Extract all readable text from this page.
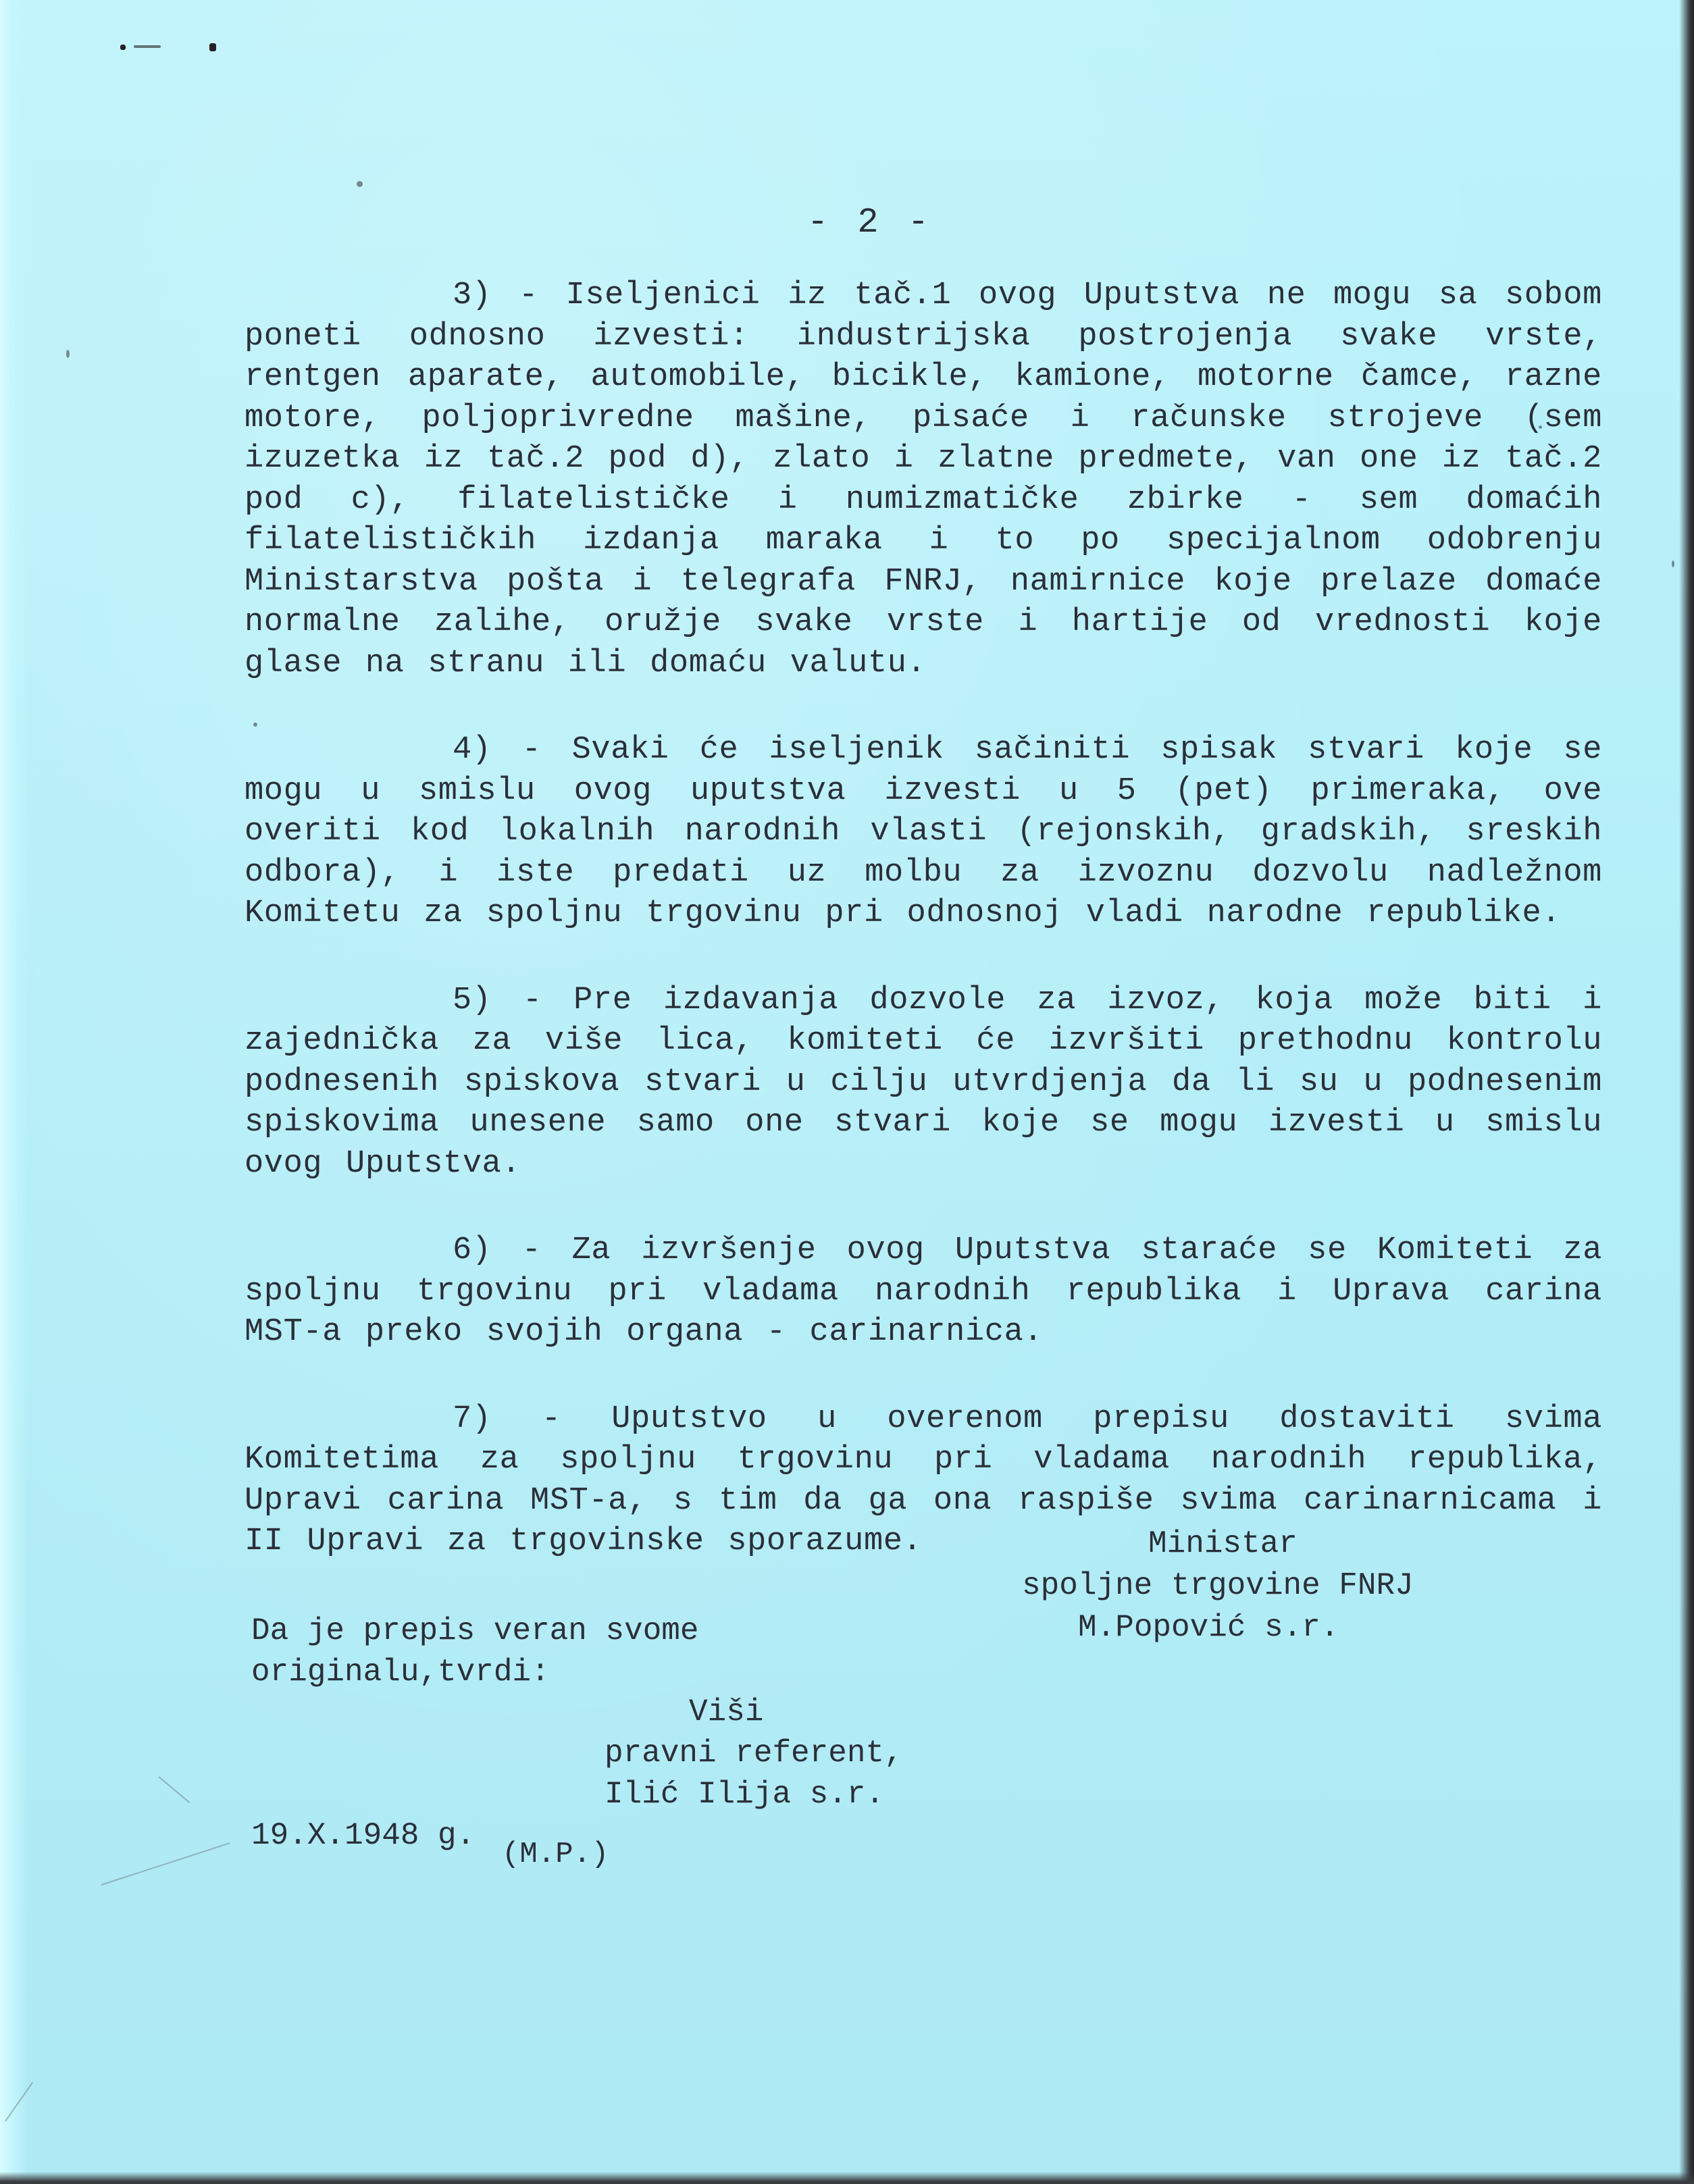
- 2 -

3) - Iseljenici iz tač.1 ovog Uputstva ne mogu sa sobom poneti odnosno izvesti: industrijska postrojenja svake vrste, rentgen aparate, automobile, bicikle, kamione, motorne čamce, razne motore, poljoprivredne mašine, pisaće i računske strojeve (sem izuzetka iz tač.2 pod d), zlato i zlatne predmete, van one iz tač.2 pod c), filatelističke i numizmatičke zbirke - sem domaćih filatelističkih izdanja maraka i to po specijalnom odobrenju Ministarstva pošta i telegrafa FNRJ, namirnice koje prelaze domaće normalne zalihe, oružje svake vrste i hartije od vrednosti koje glase na stranu ili domaću valutu.

4) - Svaki će iseljenik sačiniti spisak stvari koje se mogu u smislu ovog uputstva izvesti u 5 (pet) primeraka, ove overiti kod lokalnih narodnih vlasti (rejonskih, gradskih, sreskih odbora), i iste predati uz molbu za izvoznu dozvolu nadležnom Komitetu za spoljnu trgovinu pri odnosnoj vladi narodne republike.

5) - Pre izdavanja dozvole za izvoz, koja može biti i zajednička za više lica, komiteti će izvršiti prethodnu kontrolu podnesenih spiskova stvari u cilju utvrdjenja da li su u podnesenim spiskovima unesene samo one stvari koje se mogu izvesti u smislu ovog Uputstva.

6) - Za izvršenje ovog Uputstva staraće se Komiteti za spoljnu trgovinu pri vladama narodnih republika i Uprava carina MST-a preko svojih organa - carinarnica.

7) - Uputstvo u overenom prepisu dostaviti svima Komitetima za spoljnu trgovinu pri vladama narodnih republika, Upravi carina MST-a, s tim da ga ona raspiše svima carinarnicama i II Upravi za trgovinske sporazume.	Ministar
spoljne trgovine FNRJ
M.Popović s.r.
Da je prepis veran svome
originalu,tvrdi:
Viši
pravni referent,
Ilić Ilija s.r.
19.X.1948 g.
(M.P.)
